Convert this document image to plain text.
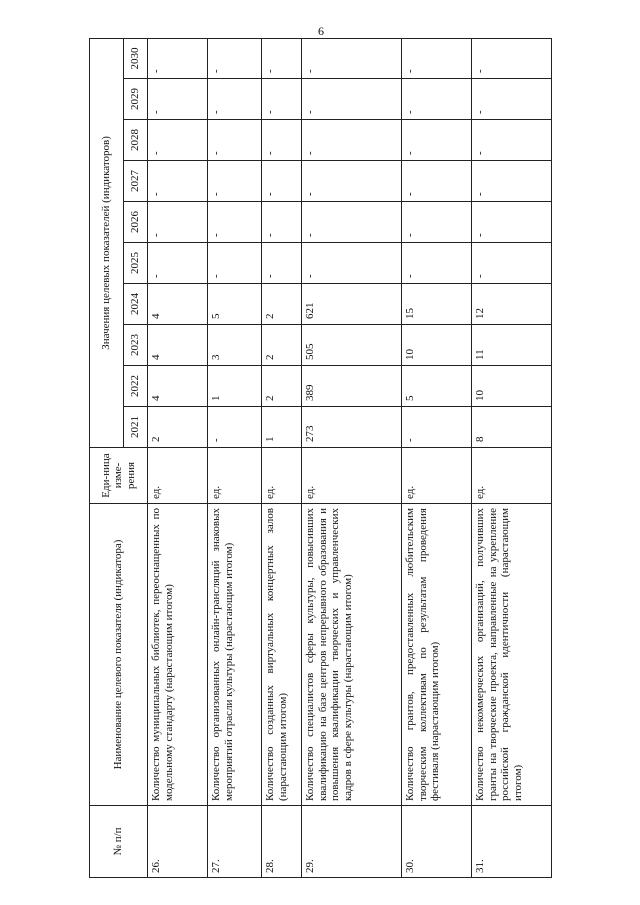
6
№ п/п	Наименование целевого показателя (индикатора)	Еди-ница изме-рения	Значения целевых показателей (индикаторов)									
			2021	2022	2023	2024	2025	2026	2027	2028	2029	2030
26.	Количество муниципальных библиотек, переоснащенных по модельному стандарту (нарастающим итогом)	ед.	2	4	4	4	-	-	-	-	-	-
27.	Количество организованных онлайн-трансляций знаковых мероприятий отрасли культуры (нарастающим итогом)	ед.	-	1	3	5	-	-	-	-	-	-
28.	Количество созданных виртуальных концертных залов (нарастающим итогом)	ед.	1	2	2	2	-	-	-	-	-	-
29.	Количество специалистов сферы культуры, повысивших квалификацию на базе центров непрерывного образования и повышения квалификации творческих и управленческих кадров в сфере культуры (нарастающим итогом)	ед.	273	389	505	621	-	-	-	-	-	-
30.	Количество грантов, предоставленных любительским творческим коллективам по результатам проведения фестиваля (нарастающим итогом)	ед.	-	5	10	15	-	-	-	-	-	-
31.	Количество некоммерческих организаций, получивших гранты на творческие проекта, направленные на укрепление российской гражданской идентичности (нарастающим итогом)	ед.	8	10	11	12	-	-	-	-	-	-
